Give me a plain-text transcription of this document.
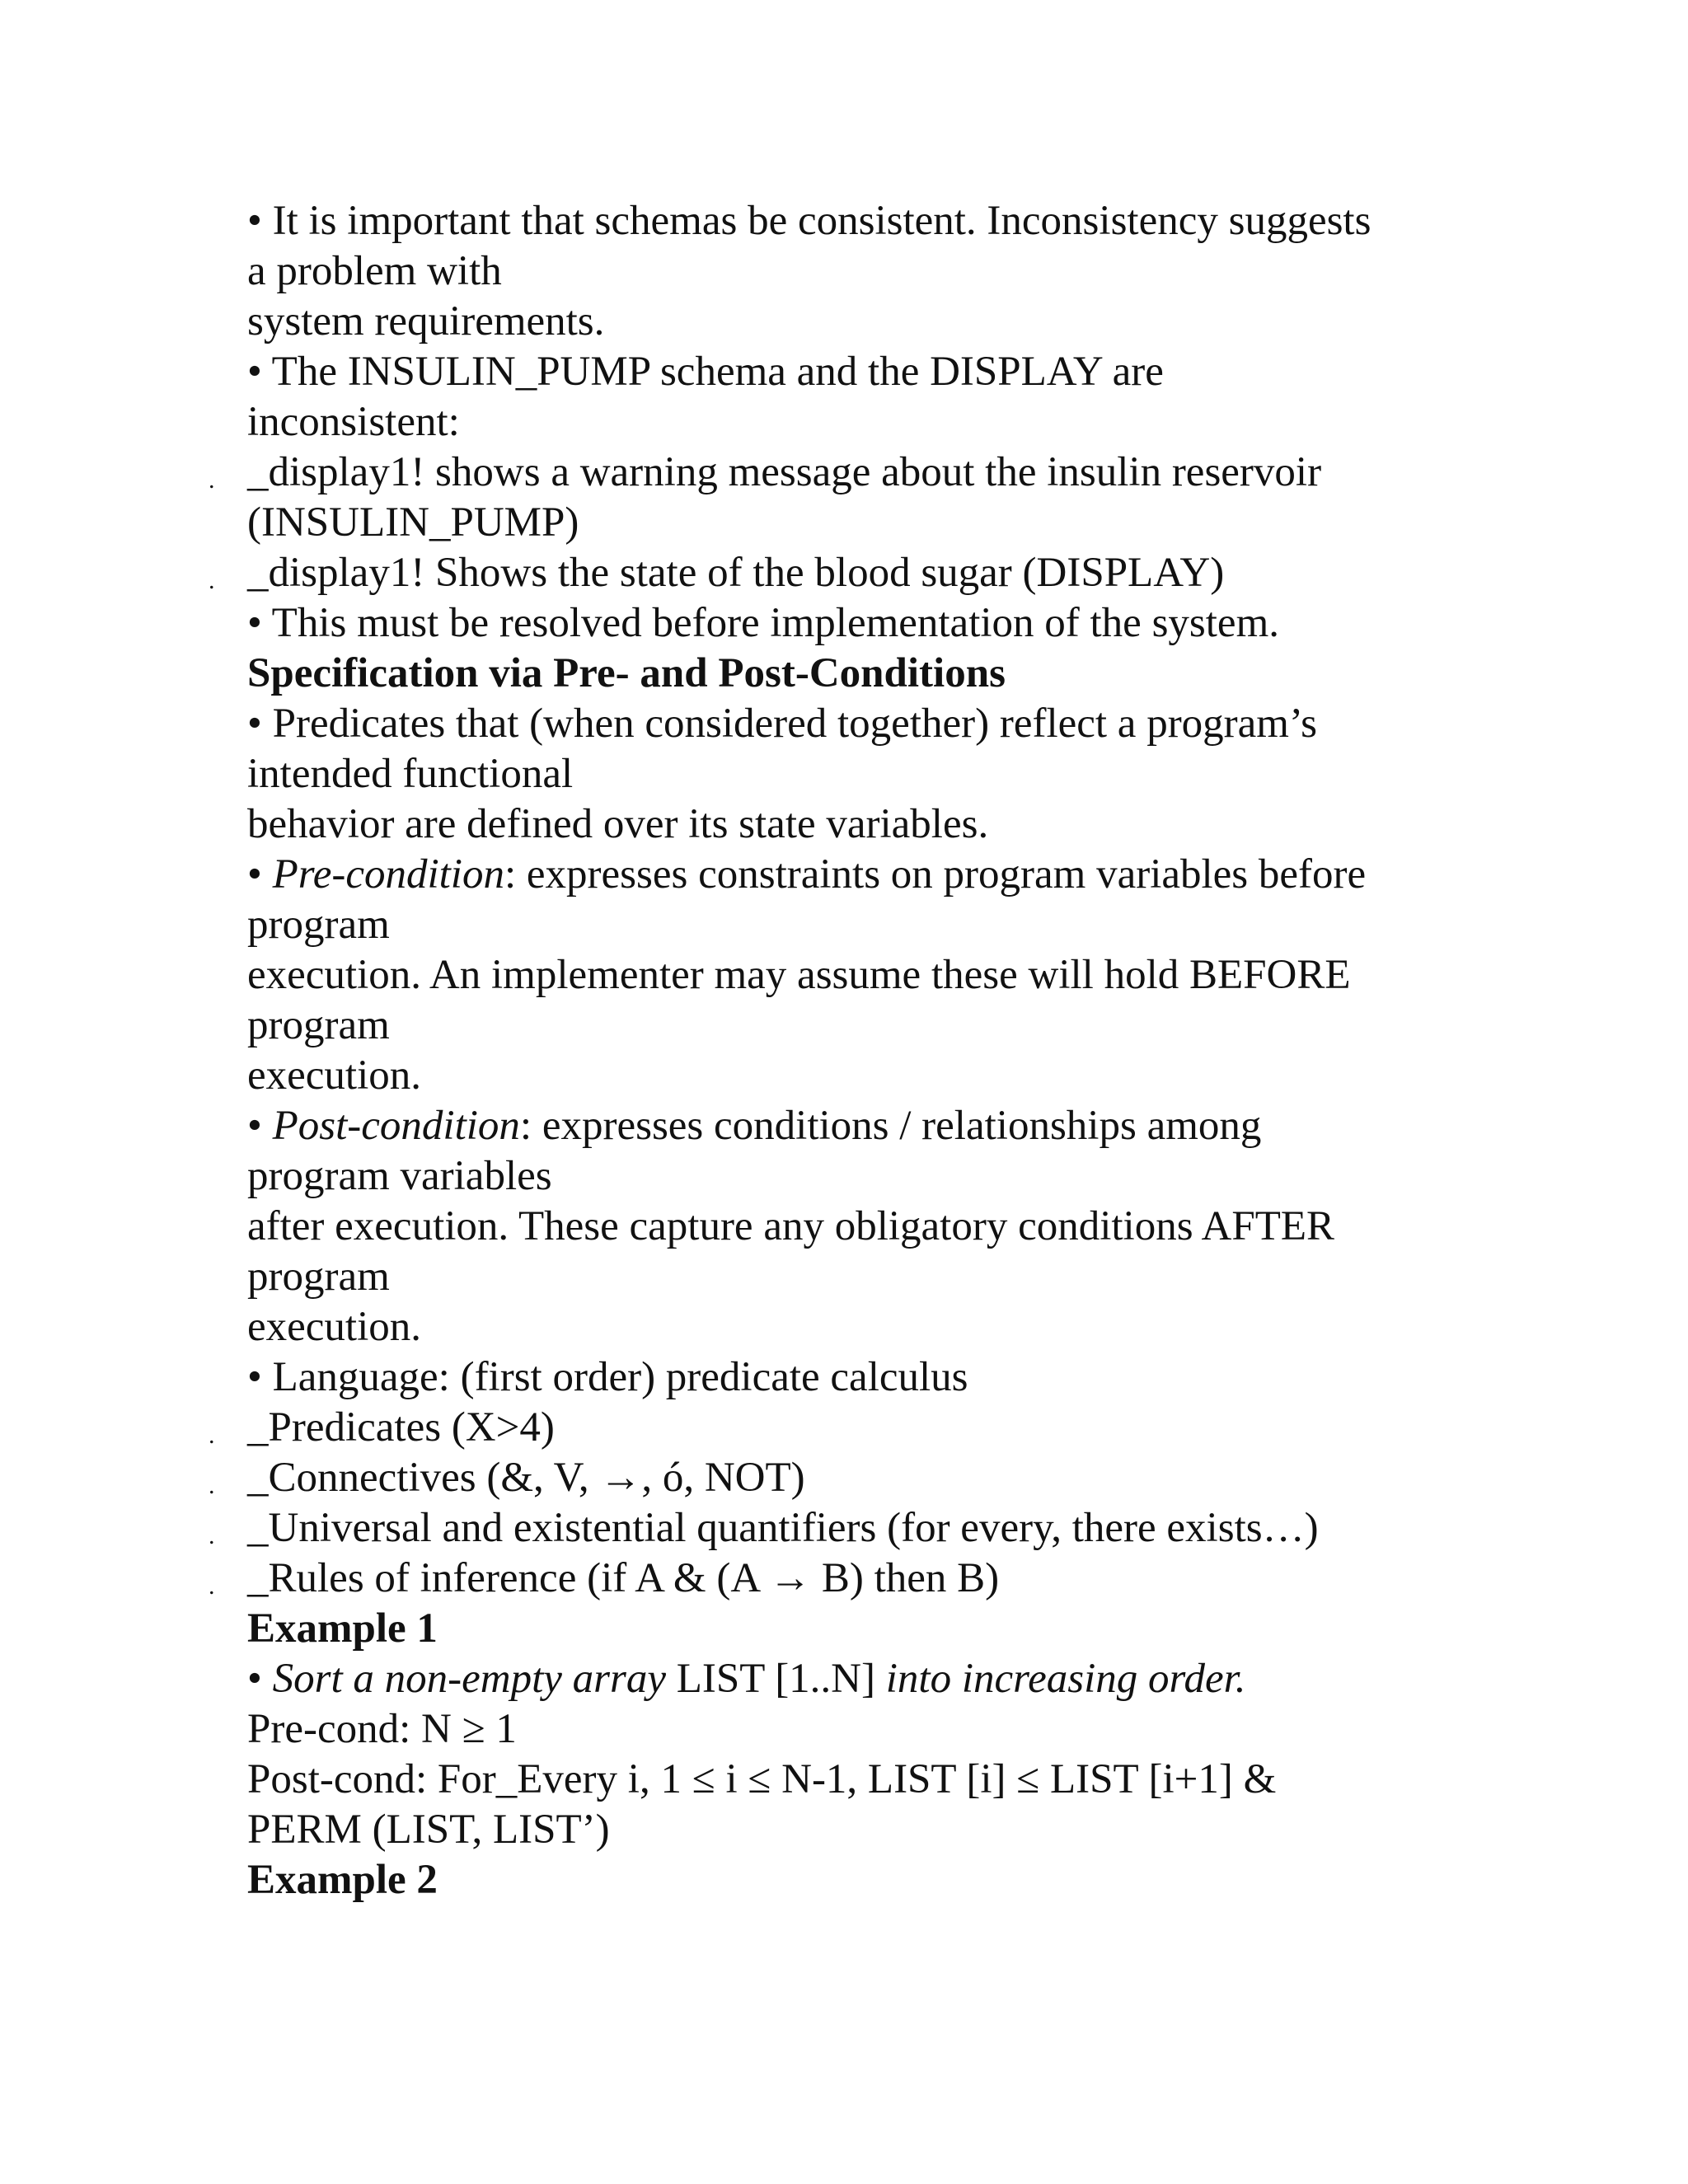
• It is important that schemas be consistent. Inconsistency suggests
a problem with
system requirements.
• The INSULIN_PUMP schema and the DISPLAY are
inconsistent:
. _display1! shows a warning message about the insulin reservoir
(INSULIN_PUMP)
. _display1! Shows the state of the blood sugar (DISPLAY)
• This must be resolved before implementation of the system.
Specification via Pre- and Post-Conditions
• Predicates that (when considered together) reflect a program’s
intended functional
behavior are defined over its state variables.
• Pre-condition: expresses constraints on program variables before
program
execution. An implementer may assume these will hold BEFORE
program
execution.
• Post-condition: expresses conditions / relationships among
program variables
after execution. These capture any obligatory conditions AFTER
program
execution.
• Language: (first order) predicate calculus
. _Predicates (X>4)
. _Connectives (&, V, →, ó, NOT)
. _Universal and existential quantifiers (for every, there exists…)
. _Rules of inference (if A & (A → B) then B)
Example 1
• Sort a non-empty array LIST [1..N] into increasing order.
Pre-cond: N ≥ 1
Post-cond: For_Every i, 1 ≤ i ≤ N-1, LIST [i] ≤ LIST [i+1] &
PERM (LIST, LIST’)
Example 2
